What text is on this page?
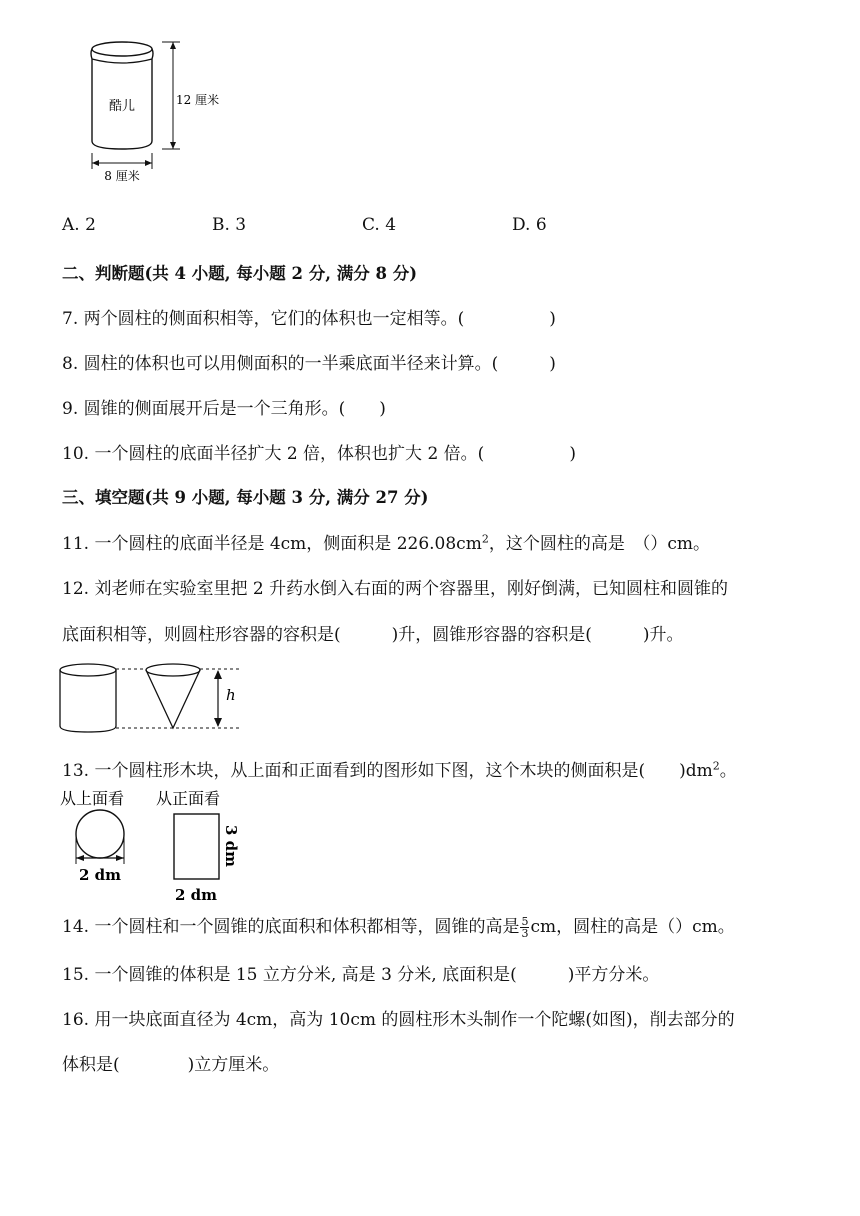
酷儿	12 厘米
8 厘米
A. 2	B. 3	C. 4	D. 6
二、判断题(共 4 小题, 每小题 2 分, 满分 8 分)
7. 两个圆柱的侧面积相等，它们的体积也一定相等。(　　　　　)
8. 圆柱的体积也可以用侧面积的一半乘底面半径来计算。(　　　)
9. 圆锥的侧面展开后是一个三角形。(　　)
10. 一个圆柱的底面半径扩大 2 倍，体积也扩大 2 倍。(　　　　　)
三、填空题(共 9 小题, 每小题 3 分, 满分 27 分)
11. 一个圆柱的底面半径是 4cm，侧面积是 $226.08cm^2$，这个圆柱的高是　（）cm。
12. 刘老师在实验室里把 2 升药水倒入右面的两个容器里，刚好倒满，已知圆柱和圆锥的
底面积相等，则圆柱形容器的容积是(　　　)升，圆锥形容器的容积是(　　　)升。
h
13. 一个圆柱形木块，从上面和正面看到的图形如下图，这个木块的侧面积是(　　)$dm^2$。
从上面看 从正面看
2 dm
2 dm
3 dm
14. 一个圆柱和一个圆锥的底面积和体积都相等，圆锥的高是 $\frac{5}{3}$ cm，圆柱的高是（）cm。
15. 一个圆锥的体积是 15 立方分米, 高是 3 分米, 底面积是(　　　)平方分米。
16. 用一块底面直径为 4cm，高为 10cm 的圆柱形木头制作一个陀螺(如图)，削去部分的
体积是(　　　　)立方厘米。
